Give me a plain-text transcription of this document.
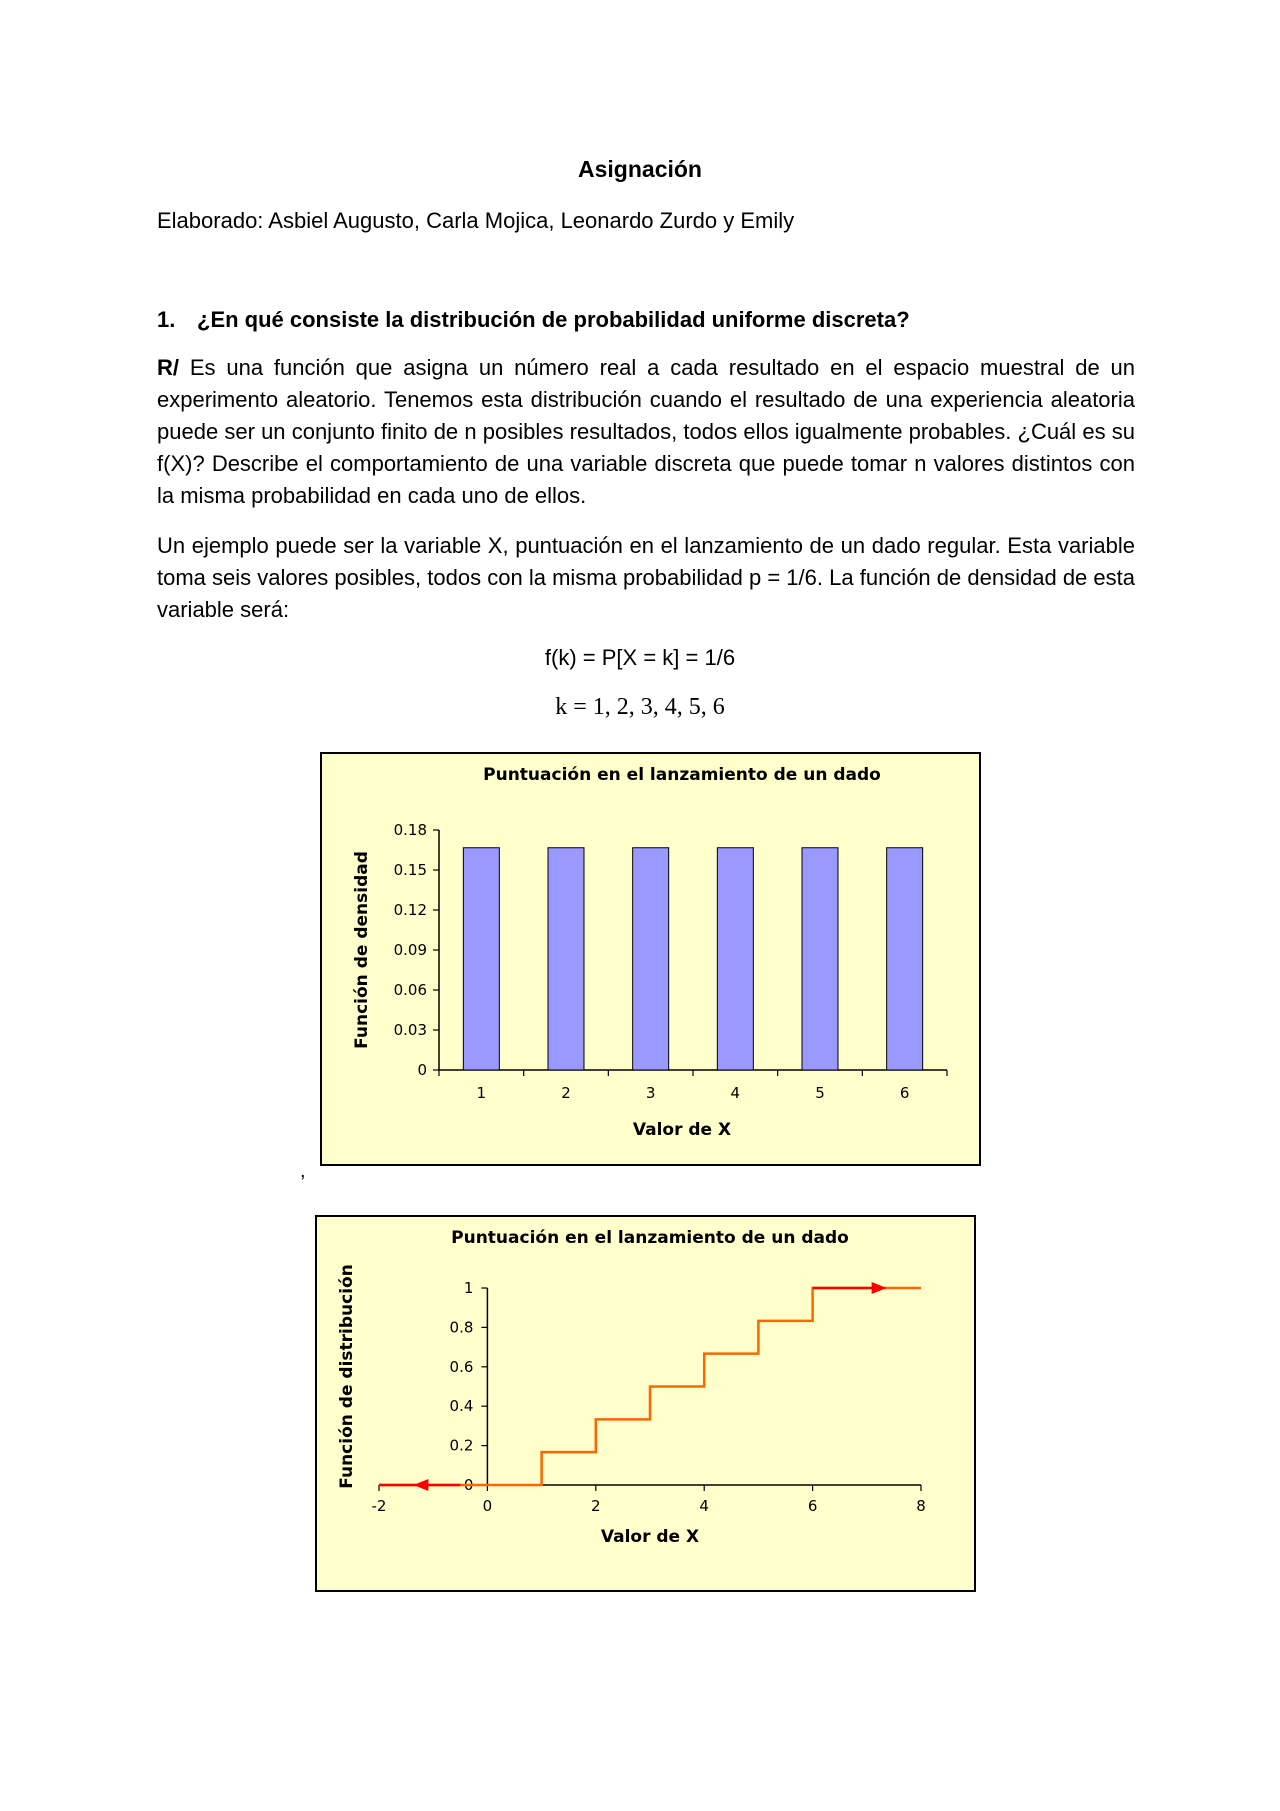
Asignación
Elaborado: Asbiel Augusto, Carla Mojica, Leonardo Zurdo y Emily
1. ¿En qué consiste la distribución de probabilidad uniforme discreta?
R/ Es una función que asigna un número real a cada resultado en el espacio muestral de un experimento aleatorio. Tenemos esta distribución cuando el resultado de una experiencia aleatoria puede ser un conjunto finito de n posibles resultados, todos ellos igualmente probables. ¿Cuál es su f(X)? Describe el comportamiento de una variable discreta que puede tomar n valores distintos con la misma probabilidad en cada uno de ellos.
Un ejemplo puede ser la variable X, puntuación en el lanzamiento de un dado regular. Esta variable toma seis valores posibles, todos con la misma probabilidad p = 1/6. La función de densidad de esta variable será:
f(k) = P[X = k] = 1/6
k = 1, 2, 3, 4, 5, 6
Puntuación en el lanzamiento de un dado
Valor de X
Función de densidad
0
0.03
0.06
0.09
0.12
0.15
0.18
1	2	3	4	5	6
,
Puntuación en el lanzamiento de un dado
Valor de X
Función de distribución	0
0.2
0.4
0.6
0.8
1
-2	0	2	4	6	8
